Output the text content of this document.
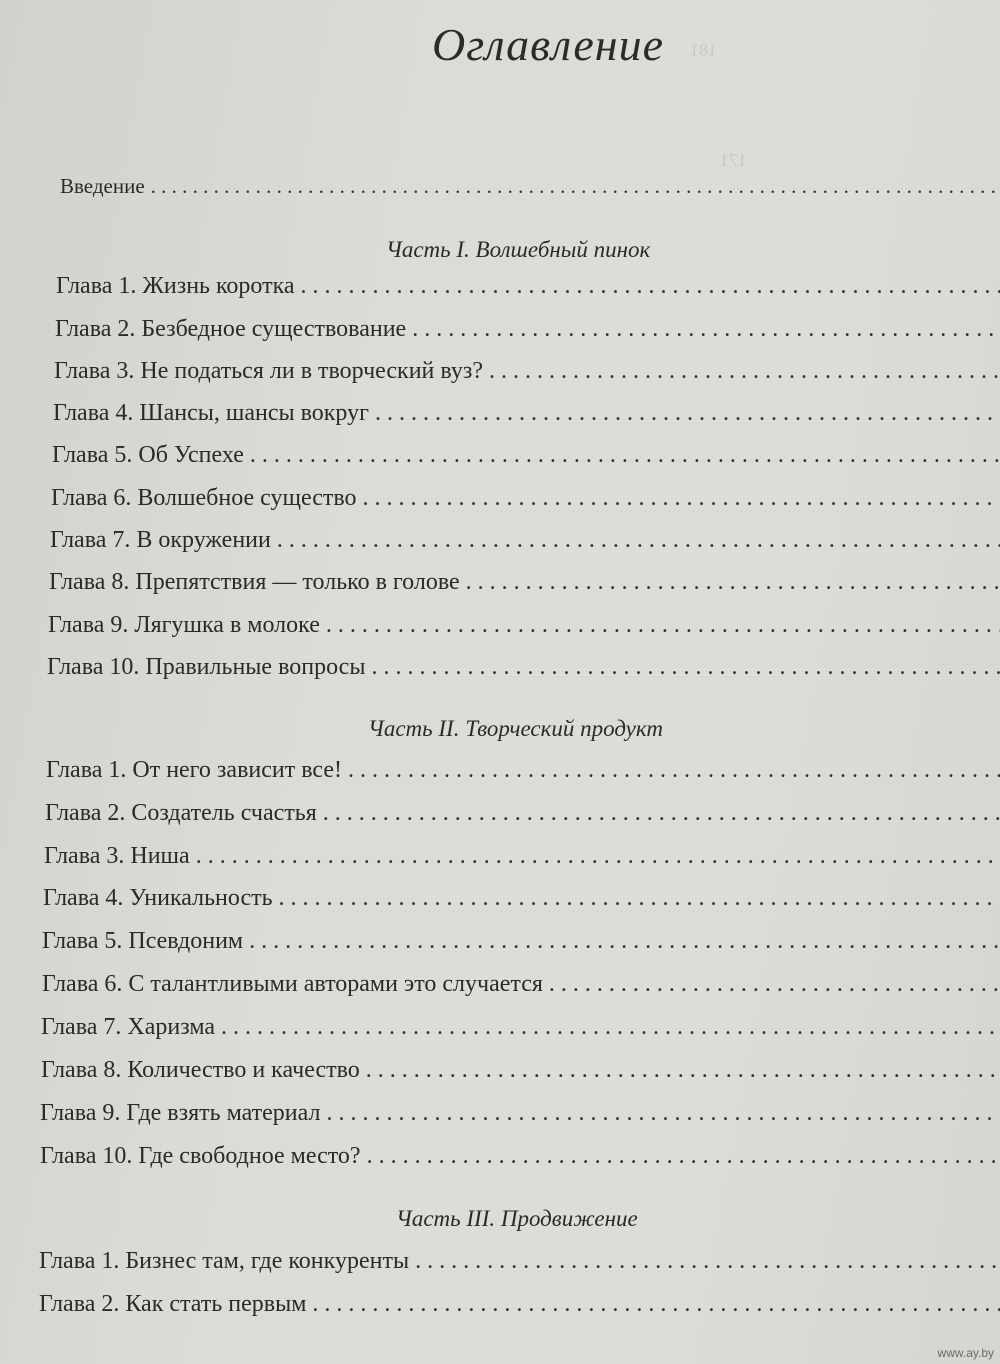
181
171
Оглавление
Введение
. . .
Часть I. Волшебный пинок
Глава 1. Жизнь коротка
. . .
Глава 2. Безбедное существование
. . .
Глава 3. Не податься ли в творческий вуз?
. . .
Глава 4. Шансы, шансы вокруг
. . .
Глава 5. Об Успехе
. . .
Глава 6. Волшебное существо
. . .
Глава 7. В окружении
. . .
Глава 8. Препятствия — только в голове
. . .
Глава 9. Лягушка в молоке
. . .
Глава 10. Правильные вопросы
. . .
Часть II. Творческий продукт
Глава 1. От него зависит все!
. . .
Глава 2. Создатель счастья
. . .
Глава 3. Ниша
. . .
Глава 4. Уникальность
. . .
Глава 5. Псевдоним
. . .
Глава 6. С талантливыми авторами это случается
. . .
Глава 7. Харизма
. . .
Глава 8. Количество и качество
. . .
Глава 9. Где взять материал
. . .
Глава 10. Где свободное место?
. . .
Часть III. Продвижение
Глава 1. Бизнес там, где конкуренты
. . .
Глава 2. Как стать первым
. . .
www.ay.by
